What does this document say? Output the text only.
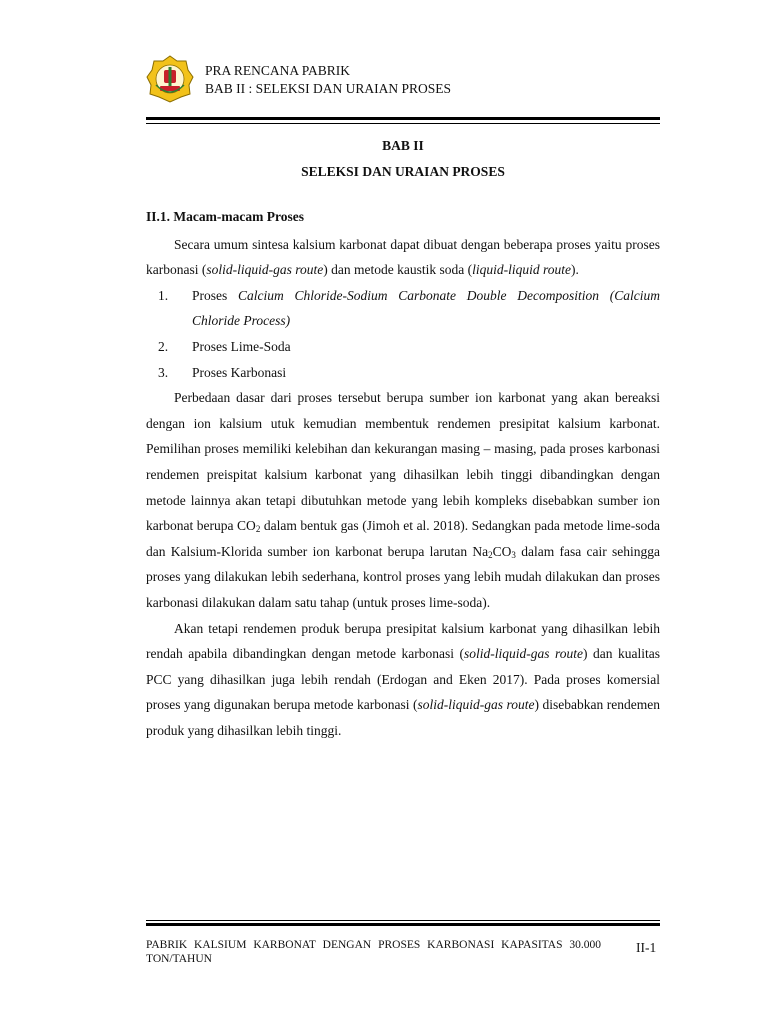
PRA RENCANA PABRIK
BAB II : SELEKSI DAN URAIAN PROSES
BAB II
SELEKSI DAN URAIAN PROSES
II.1. Macam-macam Proses

Secara umum sintesa kalsium karbonat dapat dibuat dengan beberapa proses yaitu proses karbonasi (solid-liquid-gas route) dan metode kaustik soda (liquid-liquid route).

1.	Proses Calcium Chloride-Sodium Carbonate Double Decomposition (Calcium Chloride Process)
2.	Proses Lime-Soda
3.	Proses Karbonasi

Perbedaan dasar dari proses tersebut berupa sumber ion karbonat yang akan bereaksi dengan ion kalsium utuk kemudian membentuk rendemen presipitat kalsium karbonat. Pemilihan proses memiliki kelebihan dan kekurangan masing – masing, pada proses karbonasi rendemen preispitat kalsium karbonat yang dihasilkan lebih tinggi dibandingkan dengan metode lainnya akan tetapi dibutuhkan metode yang lebih kompleks disebabkan sumber ion karbonat berupa $CO_2$ dalam bentuk gas (Jimoh et al. 2018). Sedangkan pada metode lime-soda dan Kalsium-Klorida sumber ion karbonat berupa larutan $Na_2CO_3$ dalam fasa cair sehingga proses yang dilakukan lebih sederhana, kontrol proses yang lebih mudah dilakukan dan proses karbonasi dilakukan dalam satu tahap (untuk proses lime-soda).

Akan tetapi rendemen produk berupa presipitat kalsium karbonat yang dihasilkan lebih rendah apabila dibandingkan dengan metode karbonasi (solid-liquid-gas route) dan kualitas PCC yang dihasilkan juga lebih rendah (Erdogan and Eken 2017). Pada proses komersial proses yang digunakan berupa metode karbonasi (solid-liquid-gas route) disebabkan rendemen produk yang dihasilkan lebih tinggi.

PABRIK KALSIUM KARBONAT DENGAN PROSES KARBONASI KAPASITAS 30.000 TON/TAHUN
II-1
